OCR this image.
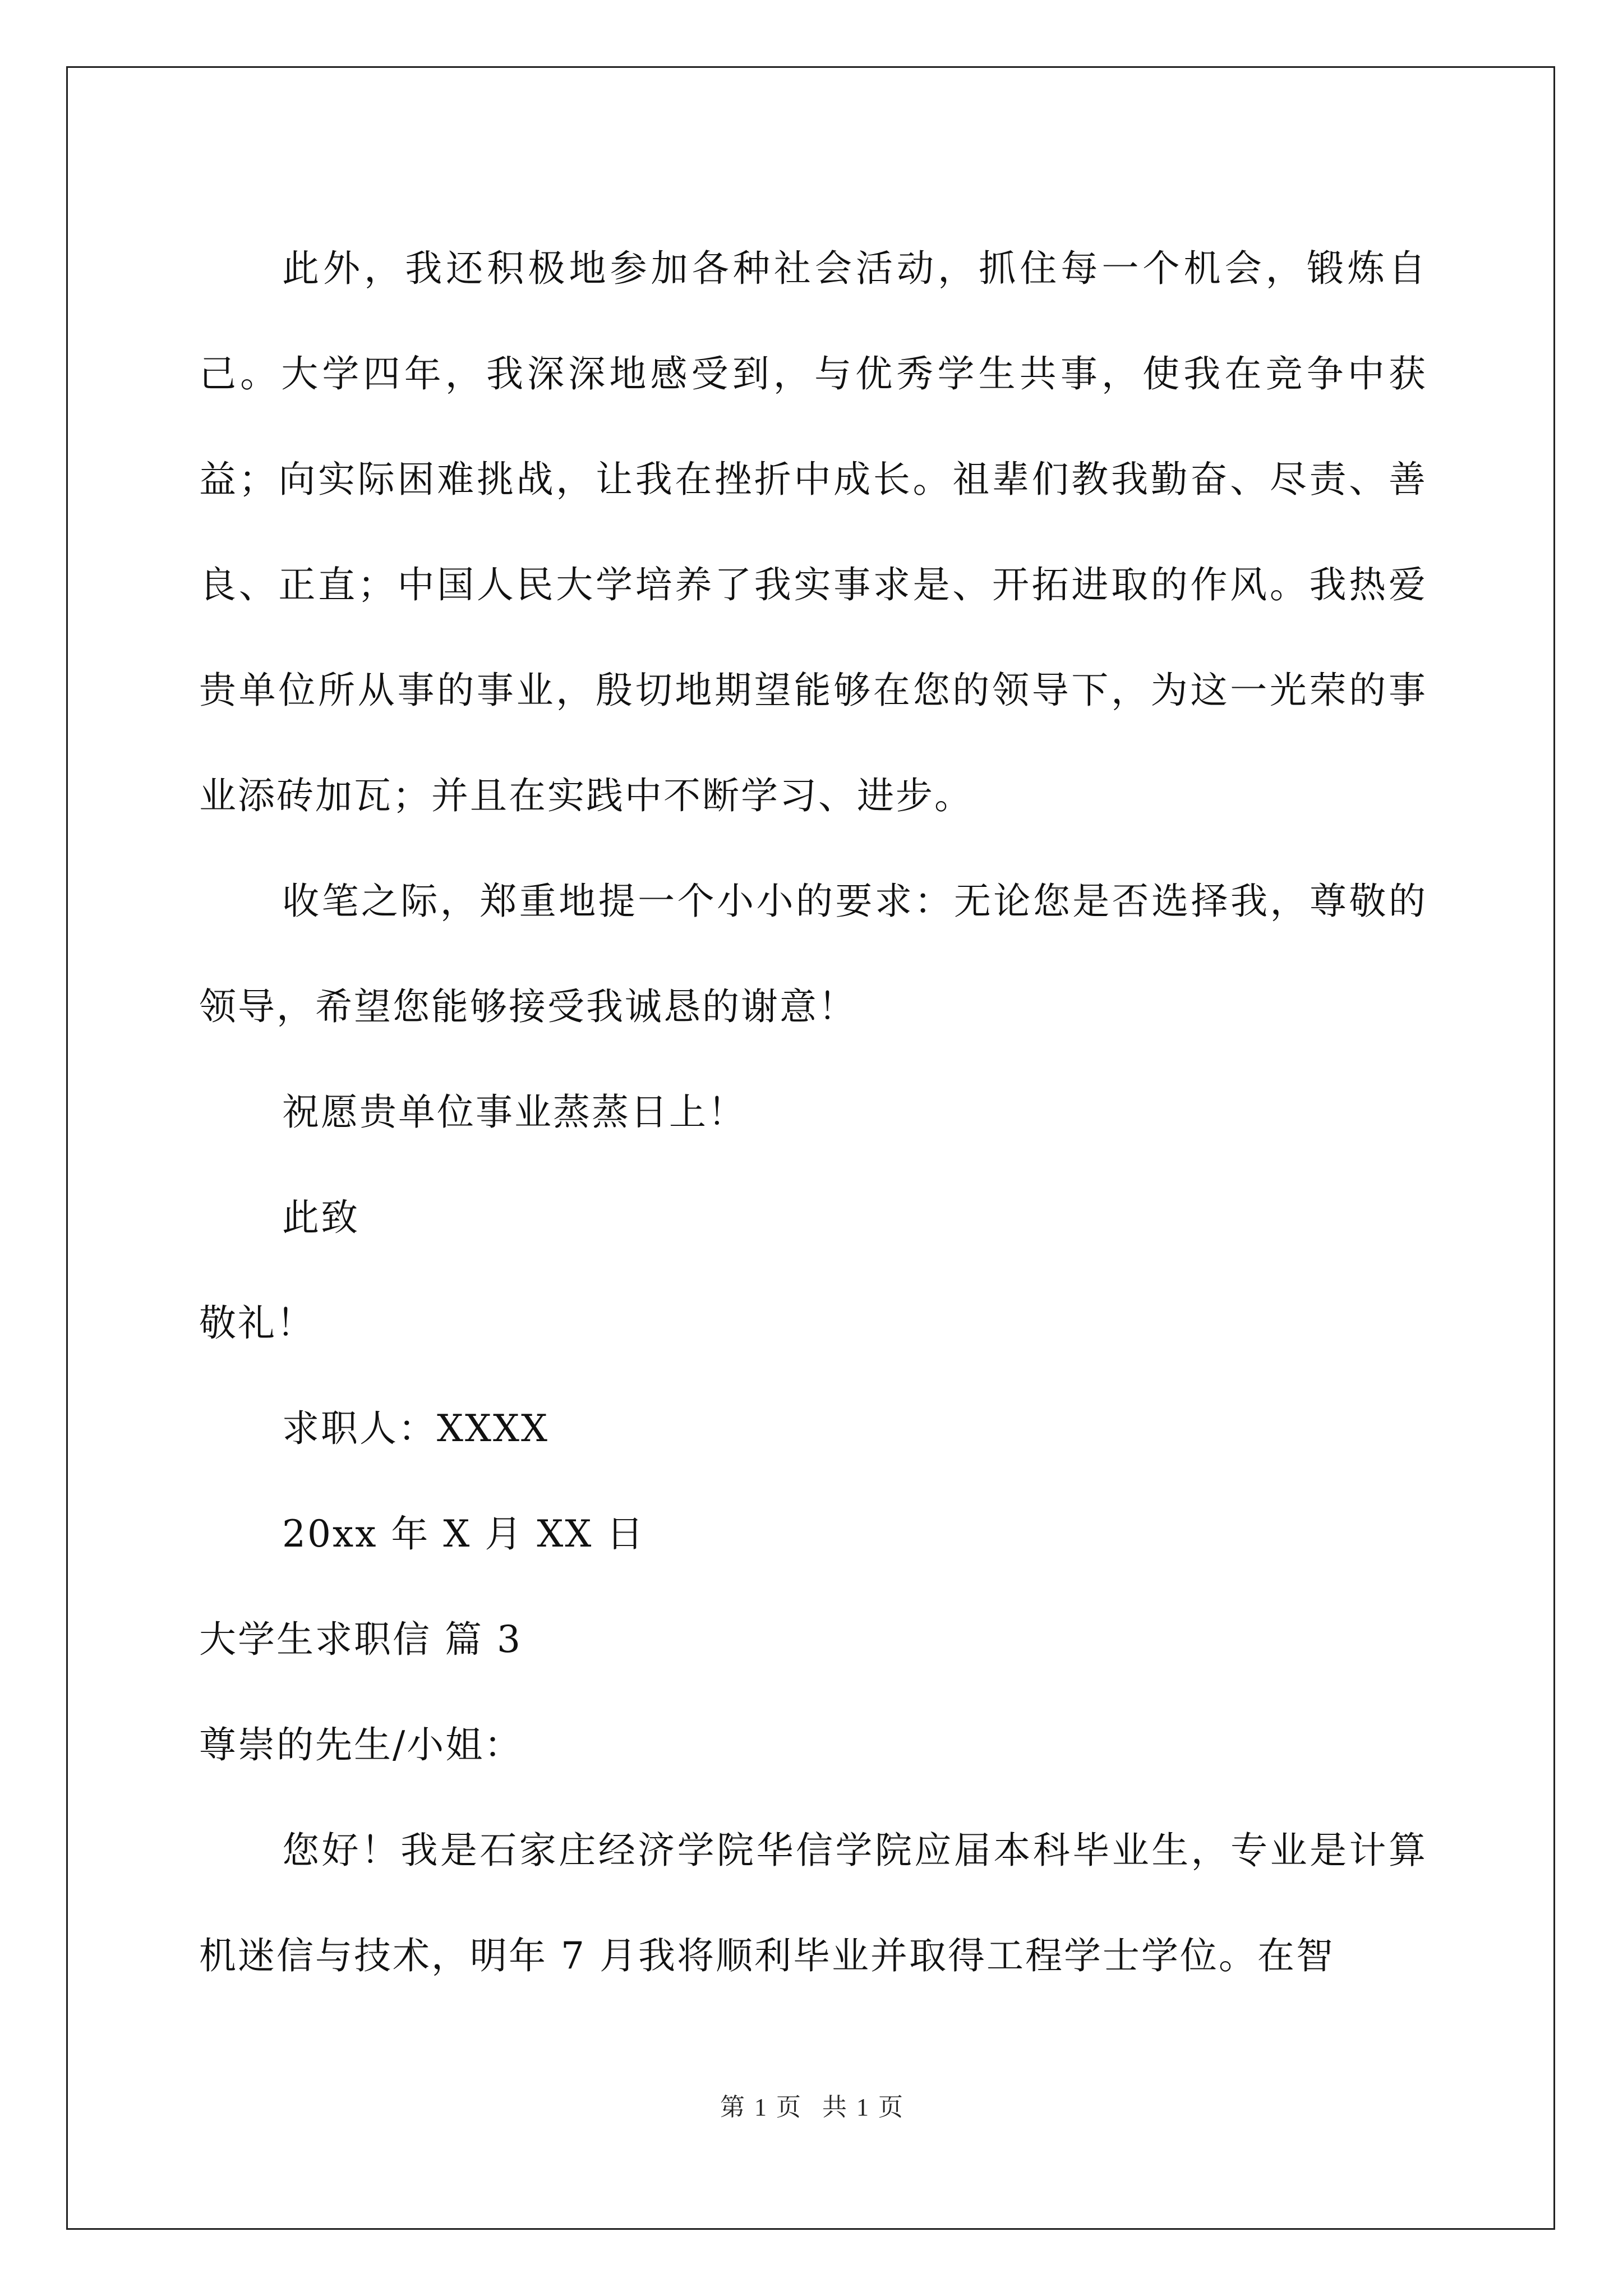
此外，我还积极地参加各种社会活动，抓住每一个机会，锻炼自己。大学四年，我深深地感受到，与优秀学生共事，使我在竞争中获益；向实际困难挑战，让我在挫折中成长。祖辈们教我勤奋、尽责、善良、正直；中国人民大学培养了我实事求是、开拓进取的作风。我热爱贵单位所从事的事业，殷切地期望能够在您的领导下，为这一光荣的事业添砖加瓦；并且在实践中不断学习、进步。

收笔之际，郑重地提一个小小的要求：无论您是否选择我，尊敬的领导，希望您能够接受我诚恳的谢意！

祝愿贵单位事业蒸蒸日上！

此致

敬礼！

求职人：XXXX

20xx 年 X 月 XX 日

大学生求职信 篇 3

尊崇的先生/小姐：

您好！我是石家庄经济学院华信学院应届本科毕业生，专业是计算机迷信与技术，明年 7 月我将顺利毕业并取得工程学士学位。在智

第 1 页 共 1 页
